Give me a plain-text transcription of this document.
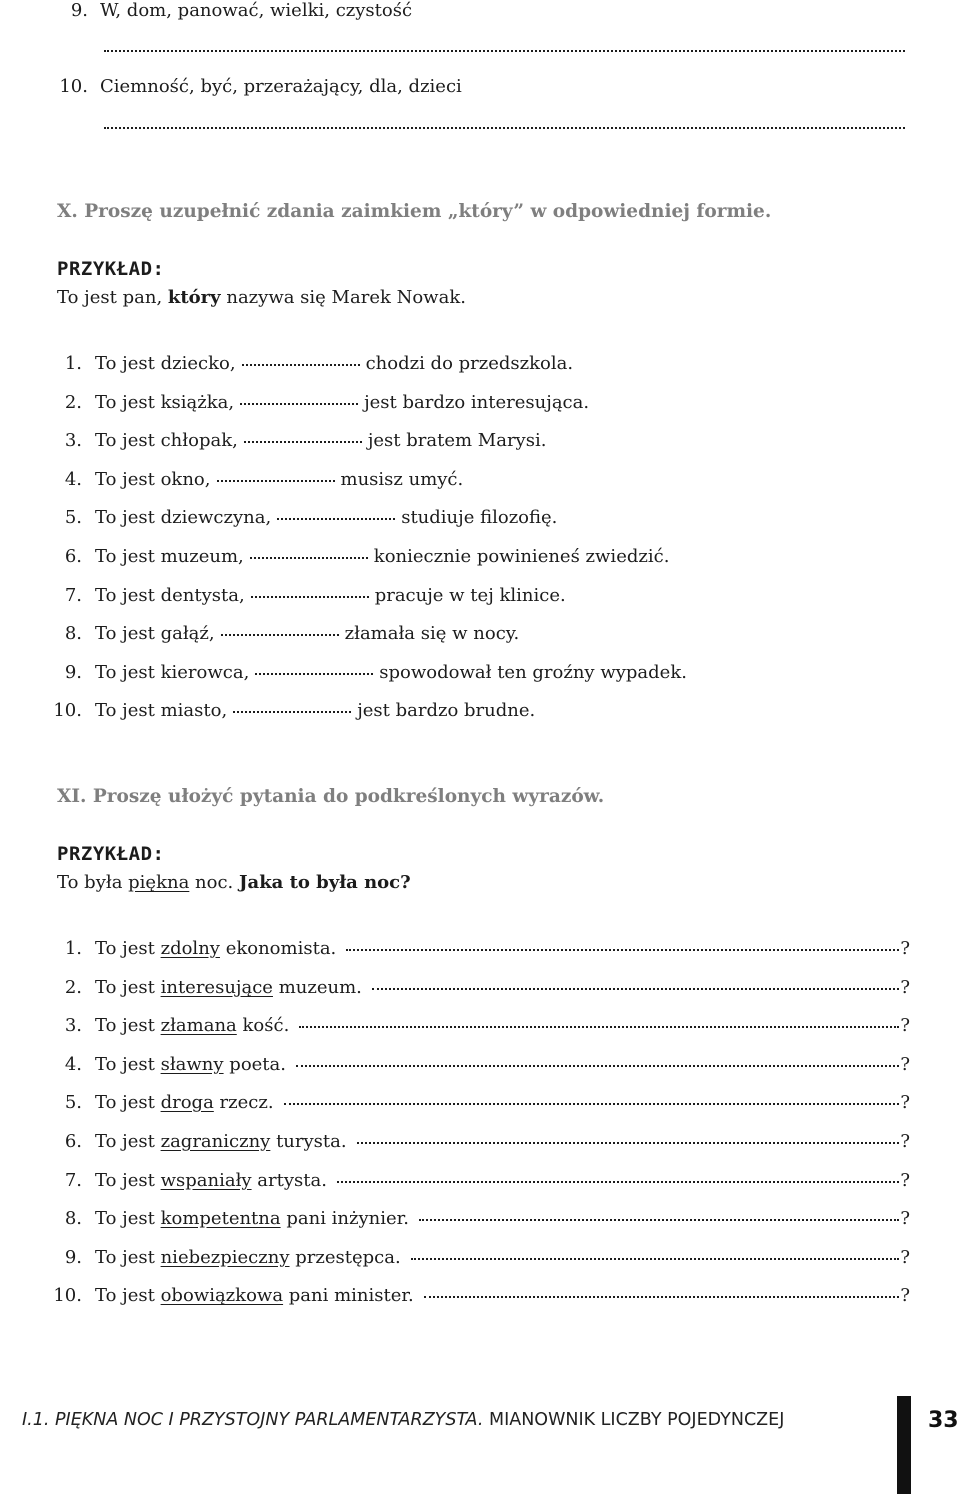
9. W, dom, panować, wielki, czystość
10. Ciemność, być, przerażający, dla, dzieci
X. Proszę uzupełnić zdania zaimkiem „który” w odpowiedniej formie.
PRZYKŁAD:
To jest pan, który nazywa się Marek Nowak.
1. To jest dziecko,	chodzi do przedszkola.
2. To jest książka,	jest bardzo interesująca.
3. To jest chłopak,	jest bratem Marysi.
4. To jest okno,	musisz umyć.
5. To jest dziewczyna,	studiuje filozofię.
6. To jest muzeum,	koniecznie powinieneś zwiedzić.
7. To jest dentysta,	pracuje w tej klinice.
8. To jest gałąź,	złamała się w nocy.
9. To jest kierowca,	spowodował ten groźny wypadek.
10. To jest miasto,	jest bardzo brudne.
XI. Proszę ułożyć pytania do podkreślonych wyrazów.
PRZYKŁAD:
To była piękna noc. Jaka to była noc?
1. To jest zdolny ekonomista.	?
2. To jest interesujące muzeum.	?
3. To jest złamana kość.	?
4. To jest sławny poeta.	?
5. To jest droga rzecz.	?
6. To jest zagraniczny turysta.	?
7. To jest wspaniały artysta.	?
8. To jest kompetentna pani inżynier.	?
9. To jest niebezpieczny przestępca.	?
10. To jest obowiązkowa pani minister.	?
I.1. PIĘKNA NOC I PRZYSTOJNY PARLAMENTARZYSTA. MIANOWNIK LICZBY POJEDYNCZEJ	33
